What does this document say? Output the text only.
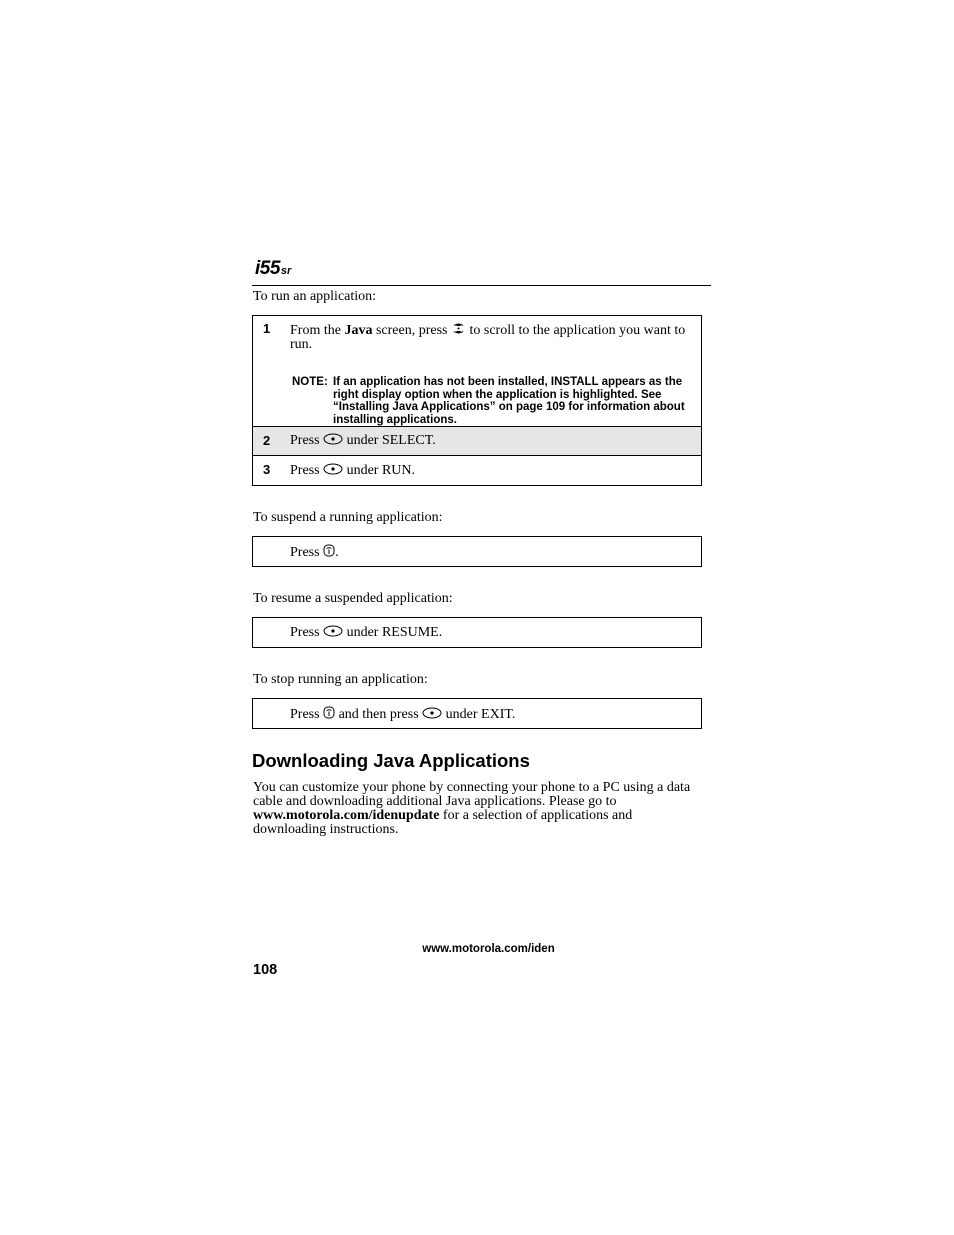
i55sr
To run an application:
1 From the Java screen, press  to scroll to the application you want to run.
NOTE: If an application has not been installed, INSTALL appears as the right display option when the application is highlighted. See “Installing Java Applications” on page 109 for information about installing applications.
2 Press  under SELECT.
3 Press  under RUN.
To suspend a running application:
Press .
To resume a suspended application:
Press  under RESUME.
To stop running an application:
Press  and then press  under EXIT.
Downloading Java Applications
You can customize your phone by connecting your phone to a PC using a data cable and downloading additional Java applications. Please go to www.motorola.com/idenupdate for a selection of applications and downloading instructions.
www.motorola.com/iden
108
